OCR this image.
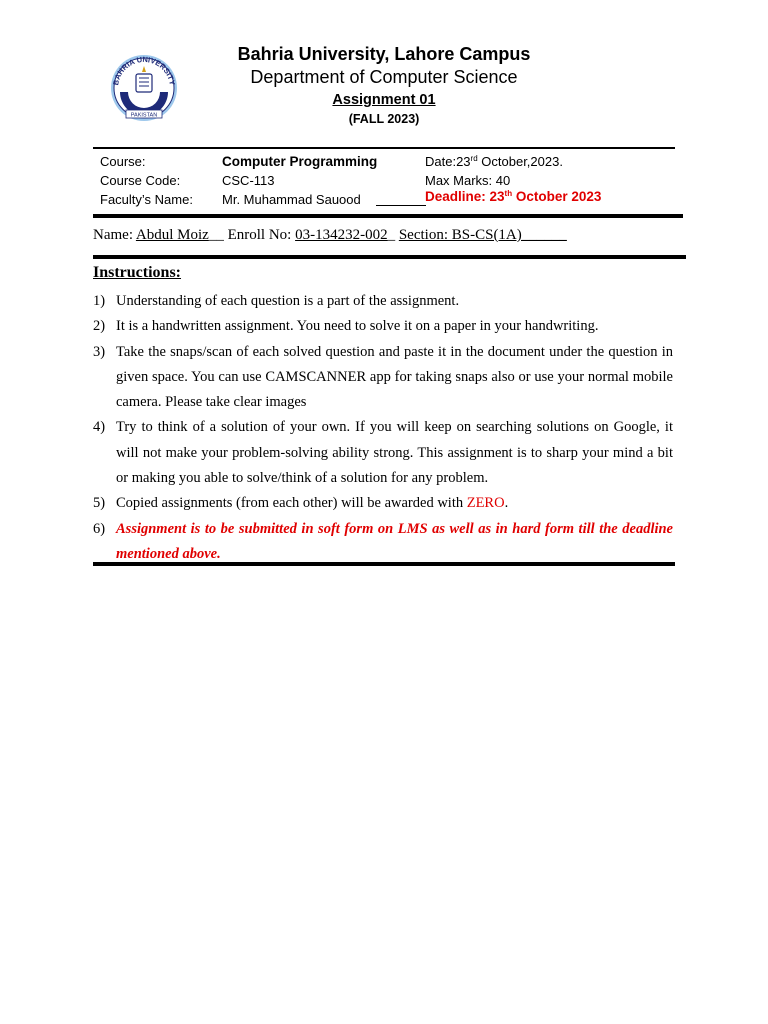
BAHRIA UNIVERSITY
PAKISTAN
Bahria University, Lahore Campus
Department of Computer Science
Assignment 01
(FALL 2023)
Course:	Computer Programming	Date:23rd October,2023.
Course Code:	CSC-113	Max Marks: 40
Faculty’s Name: Mr. Muhammad Sauood	Deadline: 23th October 2023
Name: Abdul Moiz__ Enroll No: 03-134232-002_ Section: BS-CS(1A)______
Instructions:
1) Understanding of each question is a part of the assignment.
2) It is a handwritten assignment. You need to solve it on a paper in your handwriting.
3) Take the snaps/scan of each solved question and paste it in the document under the question in given space. You can use CAMSCANNER app for taking snaps also or use your normal mobile camera. Please take clear images
4) Try to think of a solution of your own. If you will keep on searching solutions on Google, it will not make your problem-solving ability strong. This assignment is to sharp your mind a bit or making you able to solve/think of a solution for any problem.
5) Copied assignments (from each other) will be awarded with ZERO.
6) Assignment is to be submitted in soft form on LMS as well as in hard form till the deadline mentioned above.
